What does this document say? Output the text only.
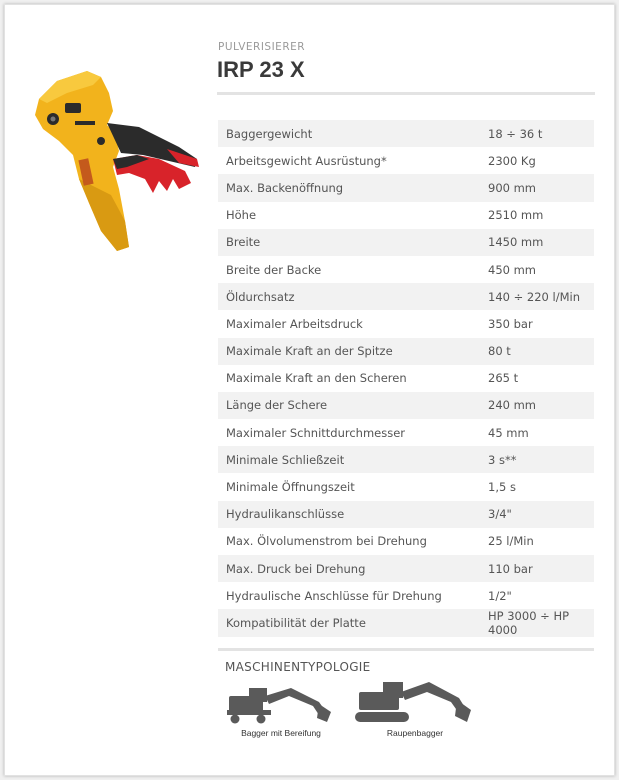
PULVERISIERER
IRP 23 X
Baggergewicht	18 ÷ 36 t
Arbeitsgewicht Ausrüstung*	2300 Kg
Max. Backenöffnung	900 mm
Höhe	2510 mm
Breite	1450 mm
Breite der Backe	450 mm
Öldurchsatz	140 ÷ 220 l/Min
Maximaler Arbeitsdruck	350 bar
Maximale Kraft an der Spitze	80 t
Maximale Kraft an den Scheren	265 t
Länge der Schere	240 mm
Maximaler Schnittdurchmesser	45 mm
Minimale Schließzeit	3 s**
Minimale Öffnungszeit	1,5 s
Hydraulikanschlüsse	3/4"
Max. Ölvolumenstrom bei Drehung	25 l/Min
Max. Druck bei Drehung	110 bar
Hydraulische Anschlüsse für Drehung	1/2"
Kompatibilität der Platte	HP 3000 ÷ HP 4000
MASCHINENTYPOLOGIE
Bagger mit Bereifung	Raupenbagger
